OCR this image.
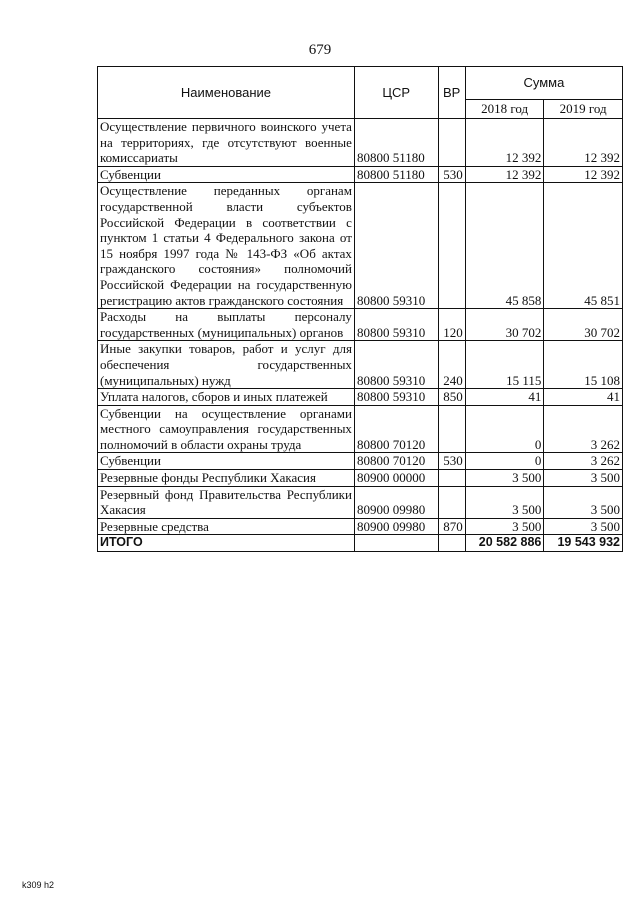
679
Наименование	ЦСР	ВР	Сумма	
			2018 год	2019 год
Осуществление первичного воинского учета на территориях, где отсутствуют военные комиссариаты	80800 51180		12 392	12 392
Субвенции	80800 51180	530	12 392	12 392
Осуществление переданных органам государственной власти субъектов Российской Федерации в соответствии с пунктом 1 статьи 4 Федерального закона от 15 ноября 1997 года № 143-ФЗ «Об актах гражданского состояния» полномочий Российской Федерации на государственную регистрацию актов гражданского состояния	80800 59310		45 858	45 851
Расходы на выплаты персоналу государственных (муниципальных) органов	80800 59310	120	30 702	30 702
Иные закупки товаров, работ и услуг для обеспечения государственных (муниципальных) нужд	80800 59310	240	15 115	15 108
Уплата налогов, сборов и иных платежей	80800 59310	850	41	41
Субвенции на осуществление органами местного самоуправления государственных полномочий в области охраны труда	80800 70120		0	3 262
Субвенции	80800 70120	530	0	3 262
Резервные фонды Республики Хакасия	80900 00000		3 500	3 500
Резервный фонд Правительства Республики Хакасия	80900 09980		3 500	3 500
Резервные средства	80900 09980	870	3 500	3 500
ИТОГО			20 582 886	19 543 932
k309 h2
